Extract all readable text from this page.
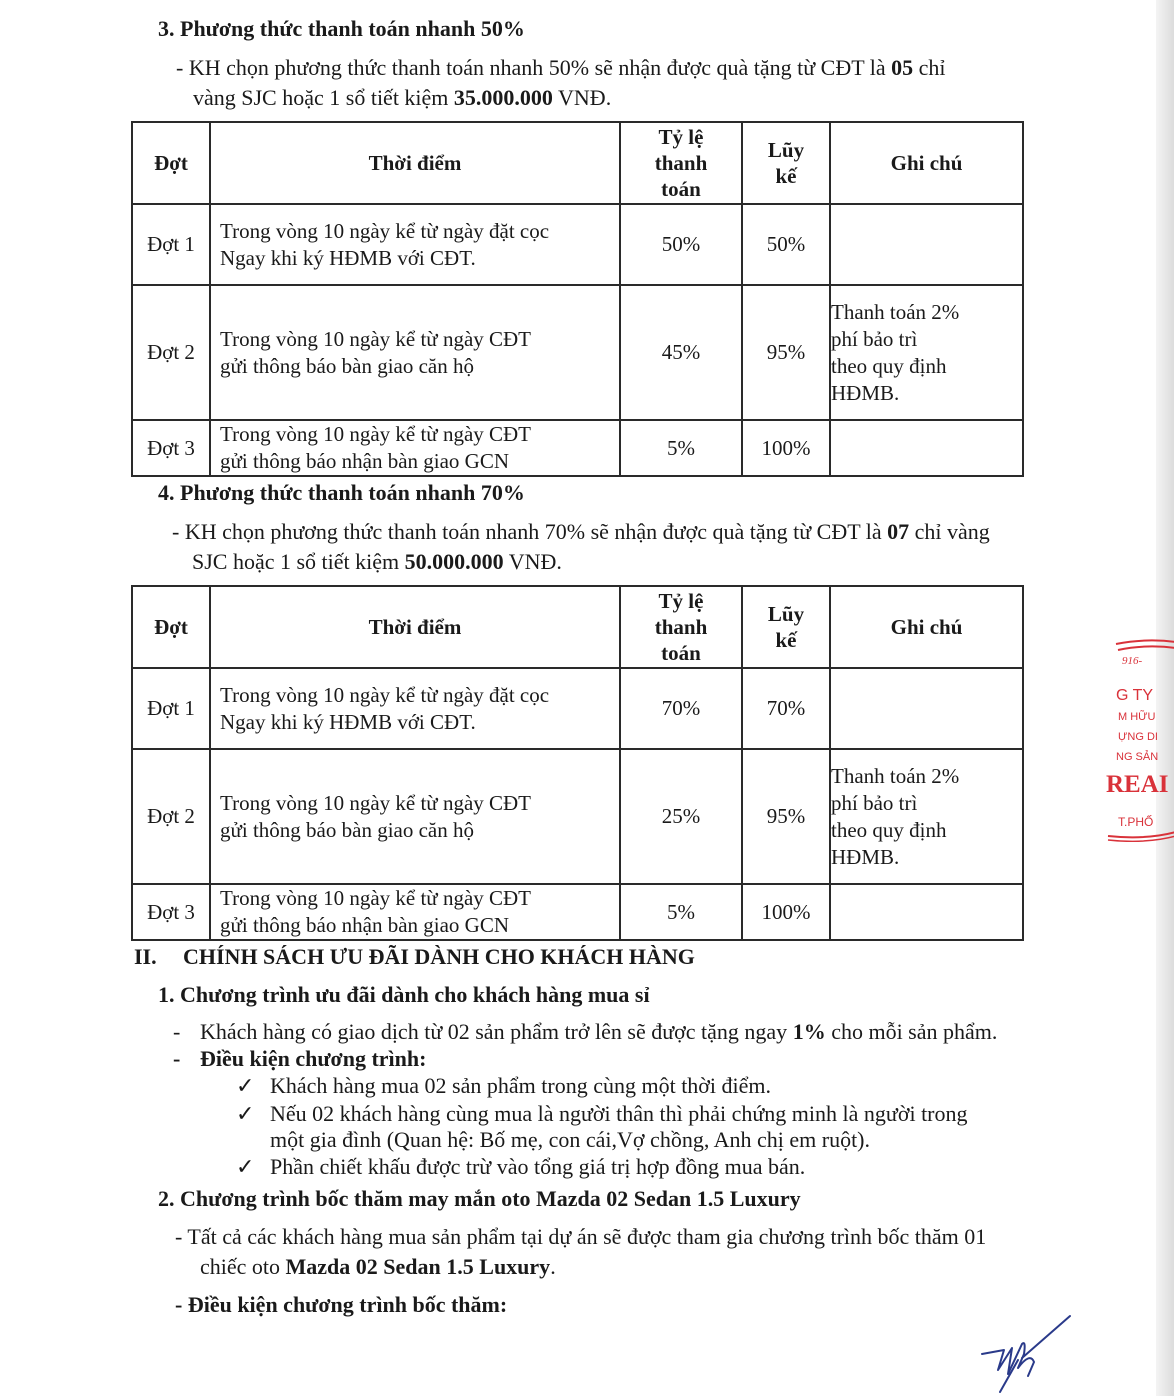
3. Phương thức thanh toán nhanh 50%
- KH chọn phương thức thanh toán nhanh 50% sẽ nhận được quà tặng từ CĐT là 05 chỉ
vàng SJC hoặc 1 sổ tiết kiệm 35.000.000 VNĐ.
Đợt	Thời điểm	Tỷ lệ
thanh
toán	Lũy
kế	Ghi chú
Đợt 1	Trong vòng 10 ngày kể từ ngày đặt cọc
Ngay khi ký HĐMB với CĐT.	50%	50%	

Đợt 2	Trong vòng 10 ngày kể từ ngày CĐT
gửi thông báo bàn giao căn hộ	45%	95%	Thanh toán 2%
phí bảo trì
theo quy định
HĐMB.

Đợt 3	Trong vòng 10 ngày kể từ ngày CĐT
gửi thông báo nhận bàn giao GCN	5%	100%	
4. Phương thức thanh toán nhanh 70%
- KH chọn phương thức thanh toán nhanh 70% sẽ nhận được quà tặng từ CĐT là 07 chỉ vàng
SJC hoặc 1 sổ tiết kiệm 50.000.000 VNĐ.
Đợt	Thời điểm	Tỷ lệ
thanh
toán	Lũy
kế	Ghi chú
Đợt 1	Trong vòng 10 ngày kể từ ngày đặt cọc
Ngay khi ký HĐMB với CĐT.	70%	70%	

Đợt 2	Trong vòng 10 ngày kể từ ngày CĐT
gửi thông báo bàn giao căn hộ	25%	95%	Thanh toán 2%
phí bảo trì
theo quy định
HĐMB.

Đợt 3	Trong vòng 10 ngày kể từ ngày CĐT
gửi thông báo nhận bàn giao GCN	5%	100%	
II. CHÍNH SÁCH ƯU ĐÃI DÀNH CHO KHÁCH HÀNG
1. Chương trình ưu đãi dành cho khách hàng mua sỉ
- Khách hàng có giao dịch từ 02 sản phẩm trở lên sẽ được tặng ngay 1% cho mỗi sản phẩm.
- Điều kiện chương trình:
✓ Khách hàng mua 02 sản phẩm trong cùng một thời điểm.
✓ Nếu 02 khách hàng cùng mua là người thân thì phải chứng minh là người trong
một gia đình (Quan hệ: Bố mẹ, con cái,Vợ chồng, Anh chị em ruột).
✓ Phần chiết khấu được trừ vào tổng giá trị hợp đồng mua bán.
2. Chương trình bốc thăm may mắn oto Mazda 02 Sedan 1.5 Luxury
- Tất cả các khách hàng mua sản phẩm tại dự án sẽ được tham gia chương trình bốc thăm 01
chiếc oto Mazda 02 Sedan 1.5 Luxury.
- Điều kiện chương trình bốc thăm:
916-
G TY
M HỮU
ỰNG DI
NG SẢN
REAI
T.PHỐ
